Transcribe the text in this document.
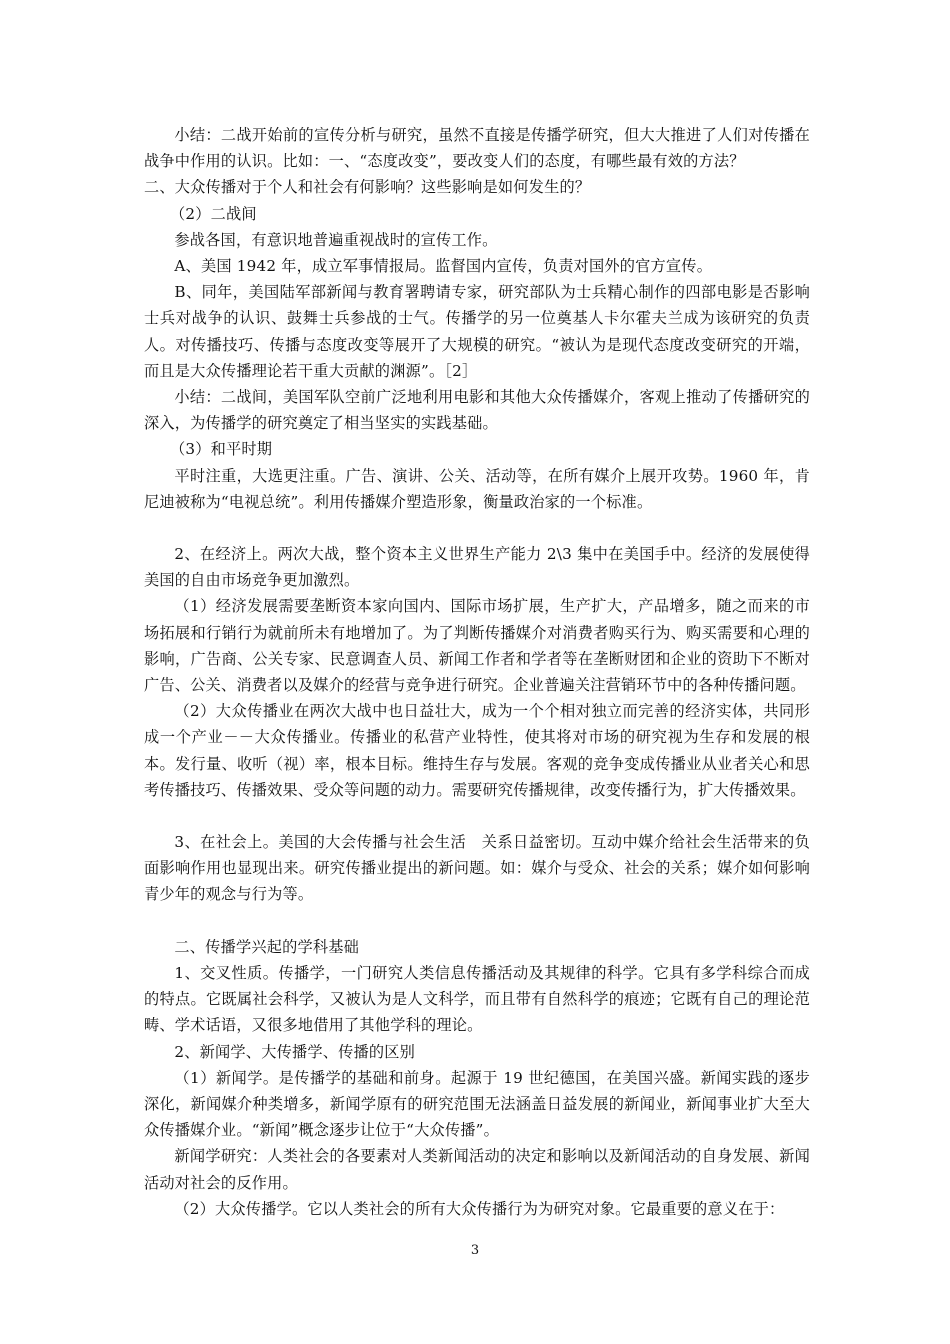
小结：二战开始前的宣传分析与研究，虽然不直接是传播学研究，但大大推进了人们对传播在战争中作用的认识。比如：一、“态度改变”，要改变人们的态度，有哪些最有效的方法？

二、大众传播对于个人和社会有何影响？这些影响是如何发生的？

（2）二战间

参战各国，有意识地普遍重视战时的宣传工作。

A、美国 1942 年，成立军事情报局。监督国内宣传，负责对国外的官方宣传。

B、同年，美国陆军部新闻与教育署聘请专家，研究部队为士兵精心制作的四部电影是否影响士兵对战争的认识、鼓舞士兵参战的士气。传播学的另一位奠基人卡尔霍夫兰成为该研究的负责人。对传播技巧、传播与态度改变等展开了大规模的研究。“被认为是现代态度改变研究的开端，而且是大众传播理论若干重大贡献的渊源”。［2］

小结：二战间，美国军队空前广泛地利用电影和其他大众传播媒介，客观上推动了传播研究的深入，为传播学的研究奠定了相当坚实的实践基础。

（3）和平时期

平时注重，大选更注重。广告、演讲、公关、活动等，在所有媒介上展开攻势。1960 年，肯尼迪被称为“电视总统”。利用传播媒介塑造形象，衡量政治家的一个标准。

2、在经济上。两次大战，整个资本主义世界生产能力 2\3 集中在美国手中。经济的发展使得美国的自由市场竞争更加激烈。

（1）经济发展需要垄断资本家向国内、国际市场扩展，生产扩大，产品增多，随之而来的市场拓展和行销行为就前所未有地增加了。为了判断传播媒介对消费者购买行为、购买需要和心理的影响，广告商、公关专家、民意调查人员、新闻工作者和学者等在垄断财团和企业的资助下不断对广告、公关、消费者以及媒介的经营与竞争进行研究。企业普遍关注营销环节中的各种传播问题。

（2）大众传播业在两次大战中也日益壮大，成为一个个相对独立而完善的经济实体，共同形成一个产业－－大众传播业。传播业的私营产业特性，使其将对市场的研究视为生存和发展的根本。发行量、收听（视）率，根本目标。维持生存与发展。客观的竞争变成传播业从业者关心和思考传播技巧、传播效果、受众等问题的动力。需要研究传播规律，改变传播行为，扩大传播效果。

3、在社会上。美国的大会传播与社会生活　关系日益密切。互动中媒介给社会生活带来的负面影响作用也显现出来。研究传播业提出的新问题。如：媒介与受众、社会的关系；媒介如何影响青少年的观念与行为等。

二、传播学兴起的学科基础

1、交叉性质。传播学，一门研究人类信息传播活动及其规律的科学。它具有多学科综合而成的特点。它既属社会科学，又被认为是人文科学，而且带有自然科学的痕迹；它既有自己的理论范畴、学术话语，又很多地借用了其他学科的理论。

2、新闻学、大传播学、传播的区别

（1）新闻学。是传播学的基础和前身。起源于 19 世纪德国，在美国兴盛。新闻实践的逐步深化，新闻媒介种类增多，新闻学原有的研究范围无法涵盖日益发展的新闻业，新闻事业扩大至大众传播媒介业。“新闻”概念逐步让位于“大众传播”。

新闻学研究：人类社会的各要素对人类新闻活动的决定和影响以及新闻活动的自身发展、新闻活动对社会的反作用。

（2）大众传播学。它以人类社会的所有大众传播行为为研究对象。它最重要的意义在于：

3
